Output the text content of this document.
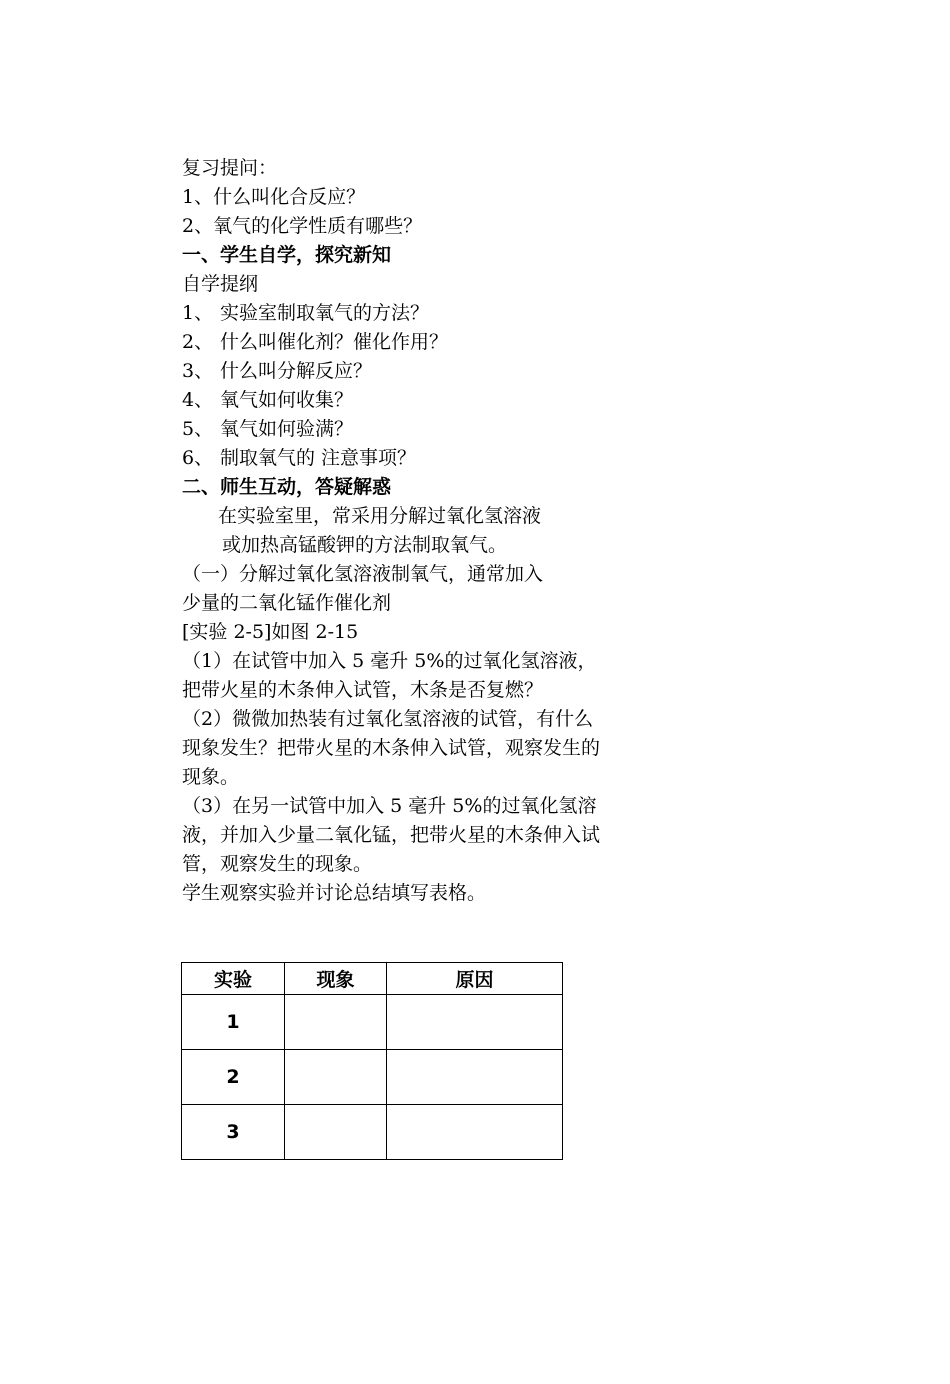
复习提问：
1、什么叫化合反应？
2、氧气的化学性质有哪些？
一、学生自学，探究新知
自学提纲
1、 实验室制取氧气的方法？
2、 什么叫催化剂？催化作用？
3、 什么叫分解反应？
4、 氧气如何收集？
5、 氧气如何验满？
6、 制取氧气的 注意事项？
二、师生互动，答疑解惑
在实验室里，常采用分解过氧化氢溶液
或加热高锰酸钾的方法制取氧气。
（一）分解过氧化氢溶液制氧气，通常加入
少量的二氧化锰作催化剂
[实验 2-5]如图 2-15
（1）在试管中加入 5 毫升 5%的过氧化氢溶液，把带火星的木条伸入试管，木条是否复燃？
（2）微微加热装有过氧化氢溶液的试管，有什么现象发生？把带火星的木条伸入试管，观察发生的现象。
（3）在另一试管中加入 5 毫升 5%的过氧化氢溶液，并加入少量二氧化锰，把带火星的木条伸入试管，观察发生的现象。
学生观察实验并讨论总结填写表格。
实验	现象	原因
1		
2		
3		
